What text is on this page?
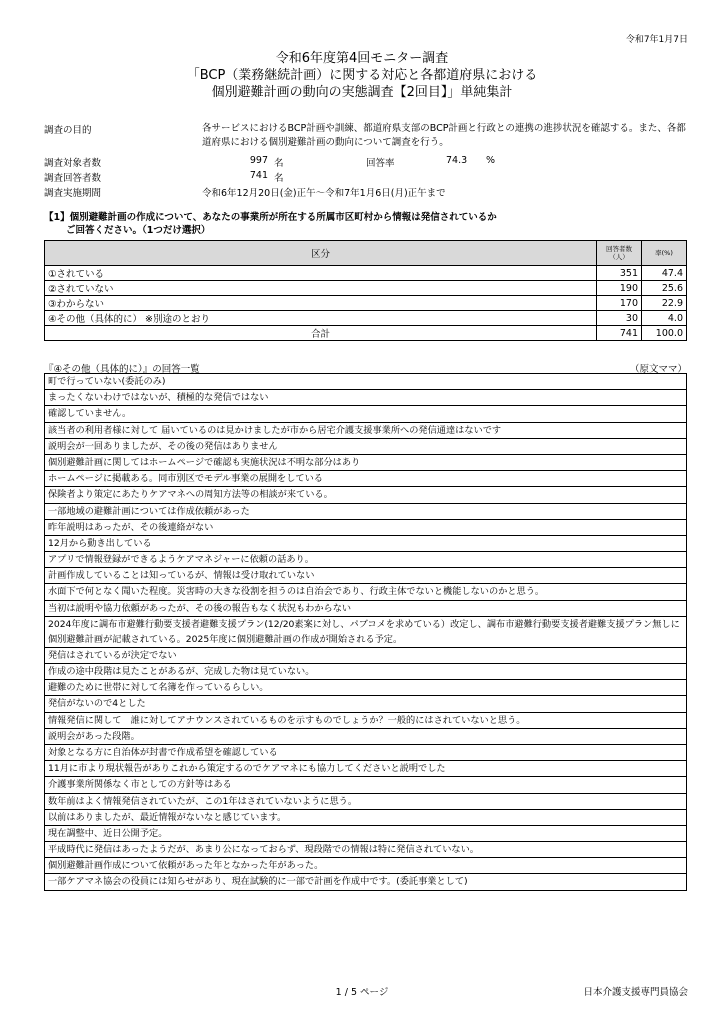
令和7年1月7日
令和6年度第4回モニター調査
「BCP（業務継続計画）に関する対応と各都道府県における
個別避難計画の動向の実態調査【2回目】」単純集計
調査の目的	各サービスにおけるBCP計画や訓練、都道府県支部のBCP計画と行政との連携の進捗状況を確認する。また、各都道府県における個別避難計画の動向について調査を行う。
調査対象者数	997 名	回答率	74.3 %
調査回答者数	741 名
調査実施期間	令和6年12月20日(金)正午～令和7年1月6日(月)正午まで
【1】個別避難計画の作成について、あなたの事業所が所在する所属市区町村から情報は発信されているか
ご回答ください。（1つだけ選択）
区分	回答者数（人）	率(%)
①されている	351	47.4
②されていない	190	25.6
③わからない	170	22.9
④その他（具体的に） ※別途のとおり	30	4.0
合計	741	100.0
『④その他（具体的に）』の回答一覧	（原文ママ）
町で行っていない(委託のみ)
まったくないわけではないが、積極的な発信ではない
確認していません。
該当者の利用者様に対して 届いているのは見かけましたが市から居宅介護支援事業所への発信通達はないです
説明会が一回ありましたが、その後の発信はありません
個別避難計画に関してはホームページで確認も実施状況は不明な部分はあり
ホームページに掲載ある。同市別区でモデル事業の展開をしている
保険者より策定にあたりケアマネへの周知方法等の相談が来ている。
一部地域の避難計画については作成依頼があった
昨年説明はあったが、その後連絡がない
12月から動き出している
アプリで情報登録ができるようケアマネジャーに依頼の話あり。
計画作成していることは知っているが、情報は受け取れていない
水面下で何となく聞いた程度。災害時の大きな役割を担うのは自治会であり、行政主体でないと機能しないのかと思う。
当初は説明や協力依頼があったが、その後の報告もなく状況もわからない
2024年度に調布市避難行動要支援者避難支援プラン(12/20素案に対し、パブコメを求めている）改定し、調布市避難行動要支援者避難支援プラン無しに個別避難計画が記載されている。2025年度に個別避難計画の作成が開始される予定。
発信はされているが決定でない
作成の途中段階は見たことがあるが、完成した物は見ていない。
避難のために世帯に対して名簿を作っているらしい。
発信がないので4とした
情報発信に関して　誰に対してアナウンスされているものを示すものでしょうか？一般的にはされていないと思う。
説明会があった段階。
対象となる方に自治体が封書で作成希望を確認している
11月に市より現状報告がありこれから策定するのでケアマネにも協力してくださいと説明でした
介護事業所関係なく市としての方針等はある
数年前はよく情報発信されていたが、この1年はされていないように思う。
以前はありましたが、最近情報がないなと感じています。
現在調整中、近日公開予定。
平成時代に発信はあったようだが、あまり公になっておらず、現段階での情報は特に発信されていない。
個別避難計画作成について依頼があった年となかった年があった。
一部ケアマネ協会の役員には知らせがあり、現在試験的に一部で計画を作成中です。(委託事業として)
1 / 5 ページ	日本介護支援専門員協会
